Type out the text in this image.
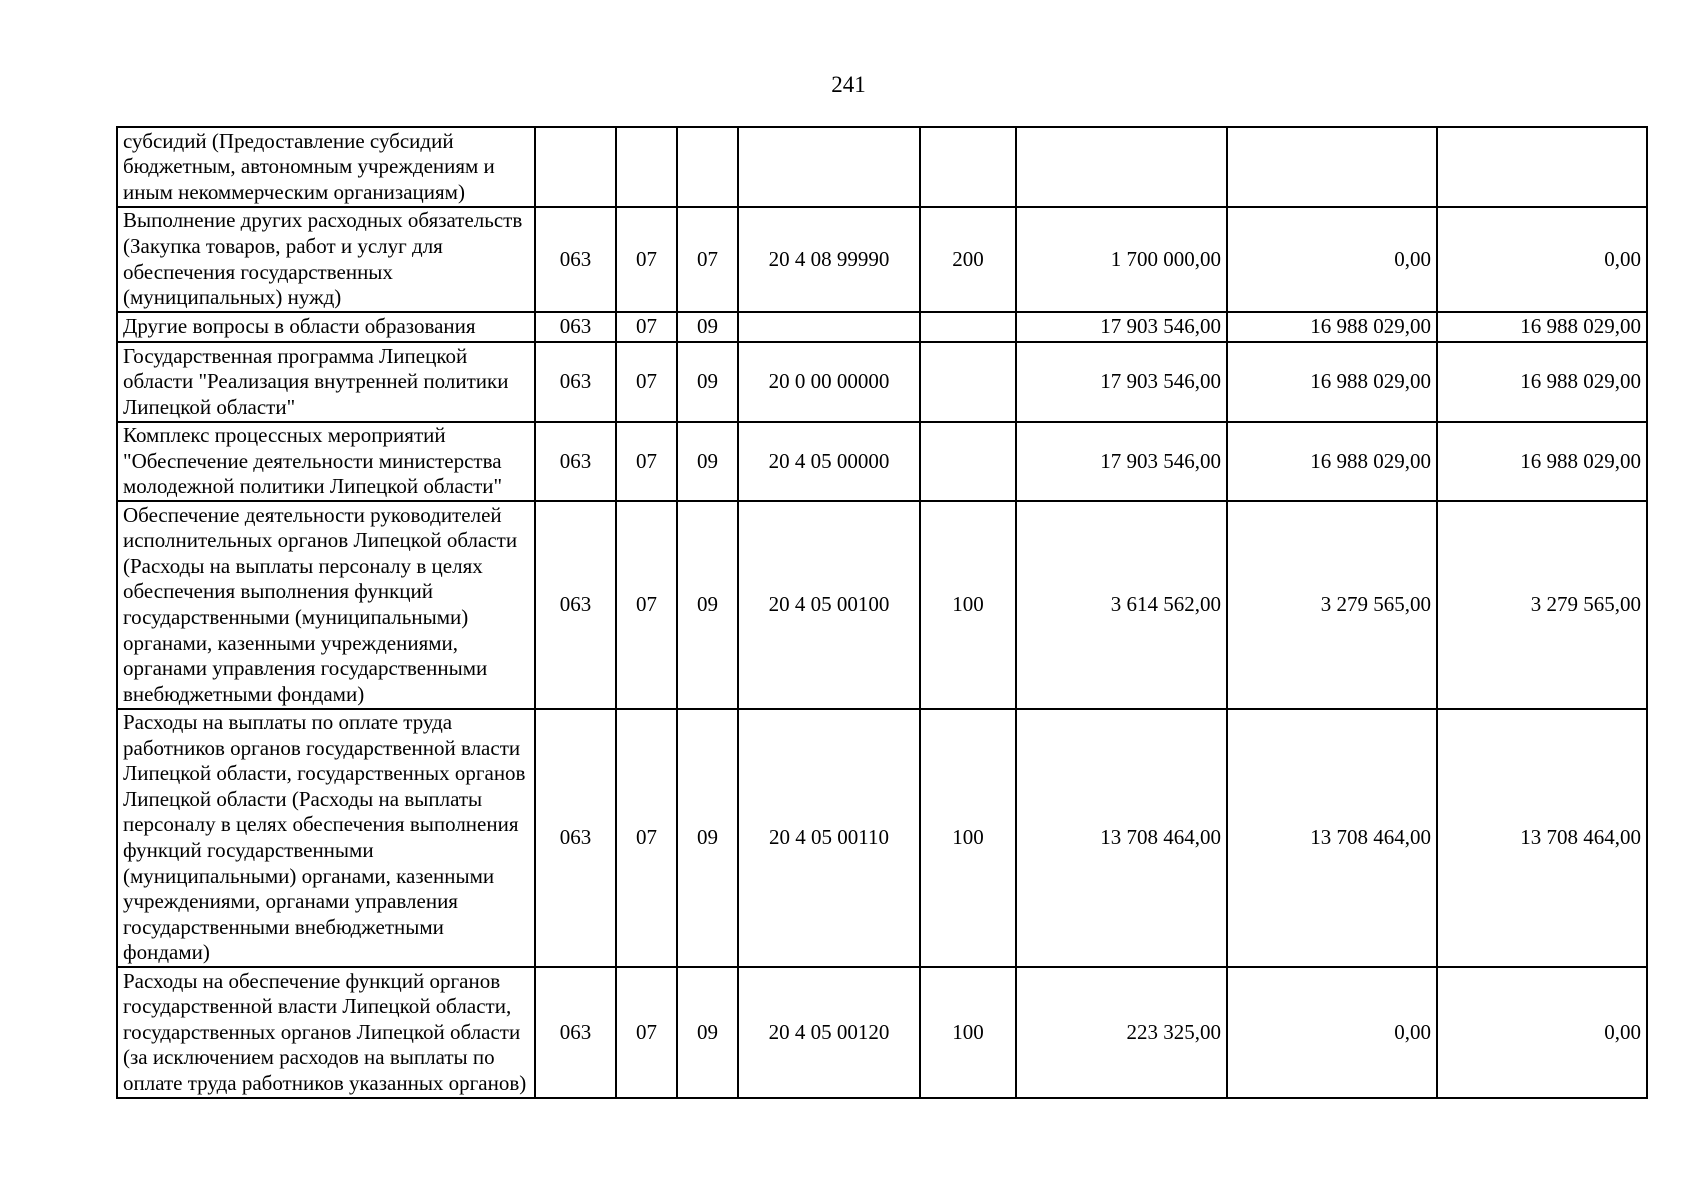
241
субсидий (Предоставление субсидий бюджетным, автономным учреждениям и иным некоммерческим организациям)								
Выполнение других расходных обязательств (Закупка товаров, работ и услуг для обеспечения государственных (муниципальных) нужд)	063	07	07	20 4 08 99990	200	1 700 000,00	0,00	0,00
Другие вопросы в области образования	063	07	09			17 903 546,00	16 988 029,00	16 988 029,00
Государственная программа Липецкой области "Реализация внутренней политики Липецкой области"	063	07	09	20 0 00 00000		17 903 546,00	16 988 029,00	16 988 029,00
Комплекс процессных мероприятий "Обеспечение деятельности министерства молодежной политики Липецкой области"	063	07	09	20 4 05 00000		17 903 546,00	16 988 029,00	16 988 029,00
Обеспечение деятельности руководителей исполнительных органов Липецкой области (Расходы на выплаты персоналу в целях обеспечения выполнения функций государственными (муниципальными) органами, казенными учреждениями, органами управления государственными внебюджетными фондами)	063	07	09	20 4 05 00100	100	3 614 562,00	3 279 565,00	3 279 565,00
Расходы на выплаты по оплате труда работников органов государственной власти Липецкой области, государственных органов Липецкой области (Расходы на выплаты персоналу в целях обеспечения выполнения функций государственными (муниципальными) органами, казенными учреждениями, органами управления государственными внебюджетными фондами)	063	07	09	20 4 05 00110	100	13 708 464,00	13 708 464,00	13 708 464,00
Расходы на обеспечение функций органов государственной власти Липецкой области, государственных органов Липецкой области (за исключением расходов на выплаты по оплате труда работников указанных органов)	063	07	09	20 4 05 00120	100	223 325,00	0,00	0,00
